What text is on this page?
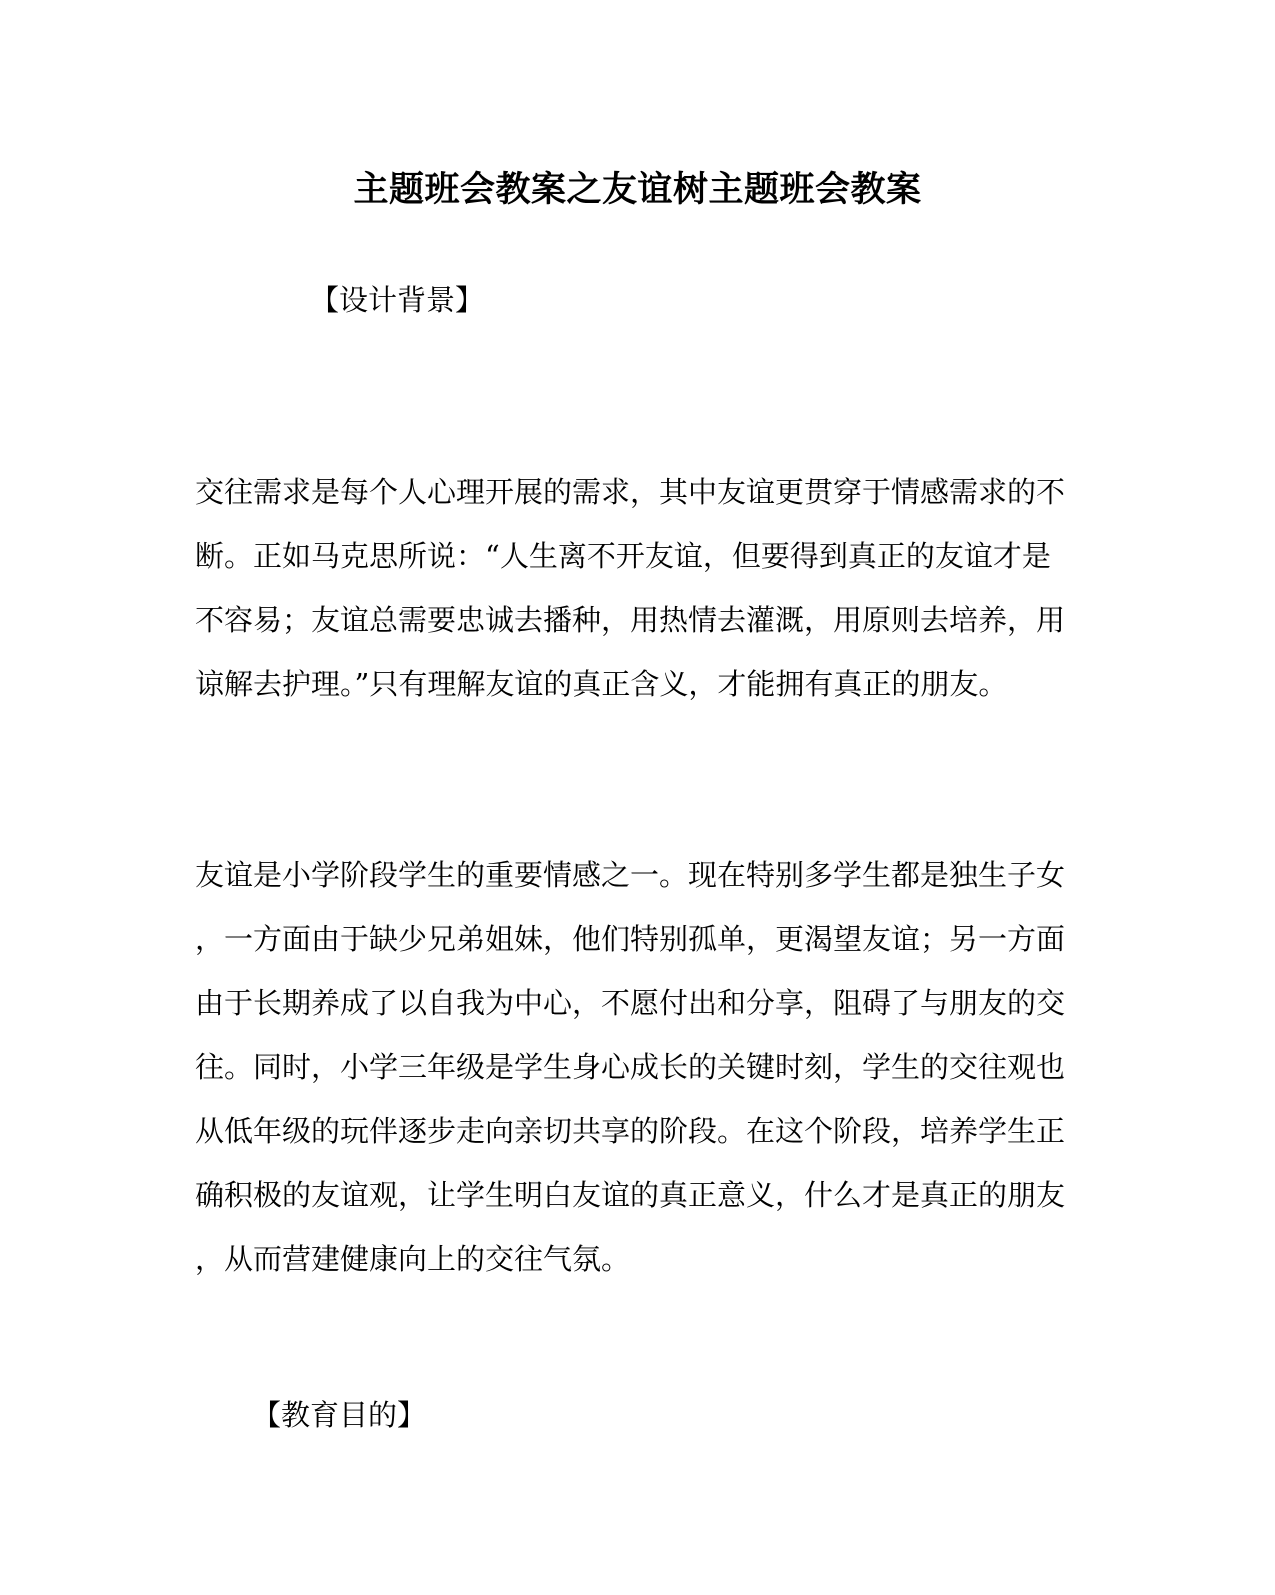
主题班会教案之友谊树主题班会教案
【设计背景】
交往需求是每个人心理开展的需求，其中友谊更贯穿于情感需求的不
断。正如马克思所说：“人生离不开友谊，但要得到真正的友谊才是
不容易；友谊总需要忠诚去播种，用热情去灌溉，用原则去培养，用
谅解去护理。”只有理解友谊的真正含义，才能拥有真正的朋友。
友谊是小学阶段学生的重要情感之一。现在特别多学生都是独生子女
，一方面由于缺少兄弟姐妹，他们特别孤单，更渴望友谊；另一方面
由于长期养成了以自我为中心，不愿付出和分享，阻碍了与朋友的交
往。同时，小学三年级是学生身心成长的关键时刻，学生的交往观也
从低年级的玩伴逐步走向亲切共享的阶段。在这个阶段，培养学生正
确积极的友谊观，让学生明白友谊的真正意义，什么才是真正的朋友
，从而营建健康向上的交往气氛。
【教育目的】
